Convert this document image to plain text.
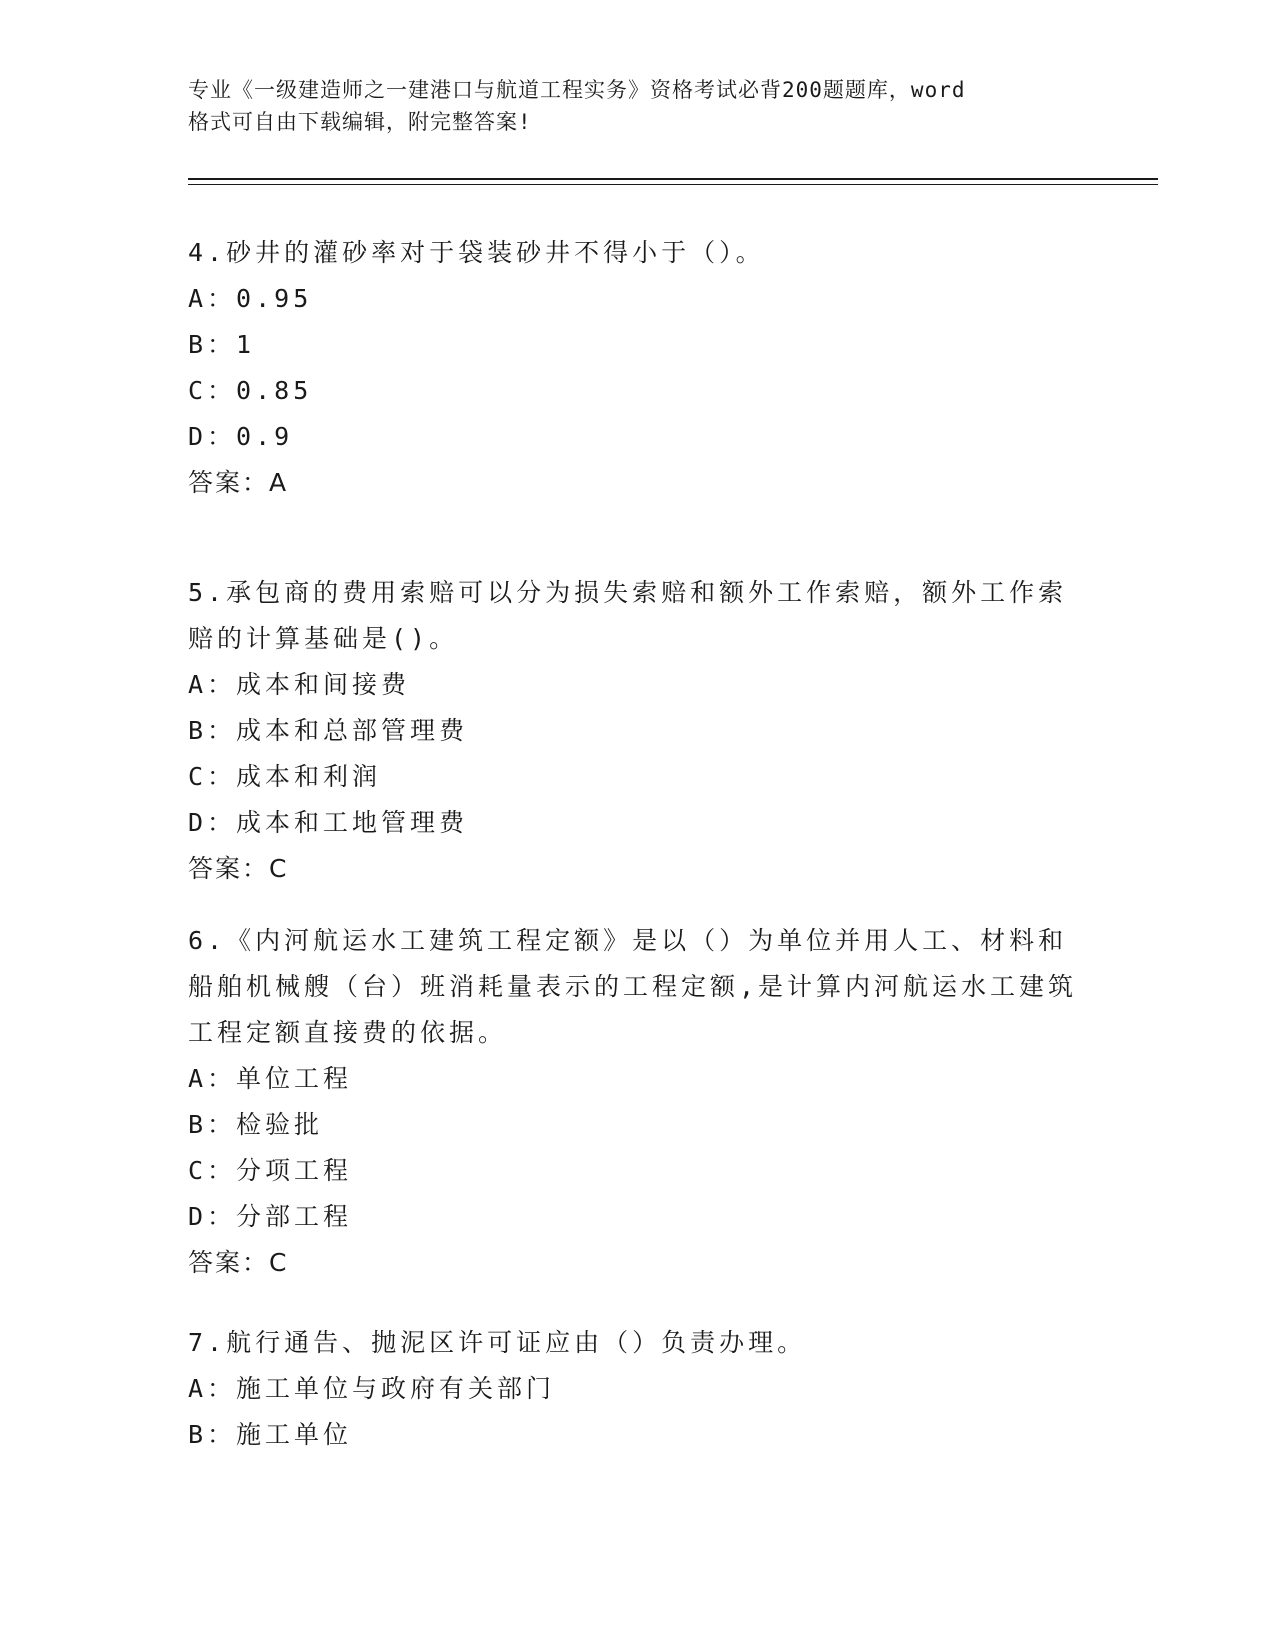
专业《一级建造师之一建港口与航道工程实务》资格考试必背200题题库，word
格式可自由下载编辑，附完整答案!
4.砂井的灌砂率对于袋装砂井不得小于（）。
A：0.95
B：1
C：0.85
D：0.9
答案：A
5.承包商的费用索赔可以分为损失索赔和额外工作索赔，额外工作索
赔的计算基础是()。
A：成本和间接费
B：成本和总部管理费
C：成本和利润
D：成本和工地管理费
答案：C
6.《内河航运水工建筑工程定额》是以（）为单位并用人工、材料和
船舶机械艘（台）班消耗量表示的工程定额,是计算内河航运水工建筑
工程定额直接费的依据。
A：单位工程
B：检验批
C：分项工程
D：分部工程
答案：C
7.航行通告、抛泥区许可证应由（）负责办理。
A：施工单位与政府有关部门
B：施工单位
